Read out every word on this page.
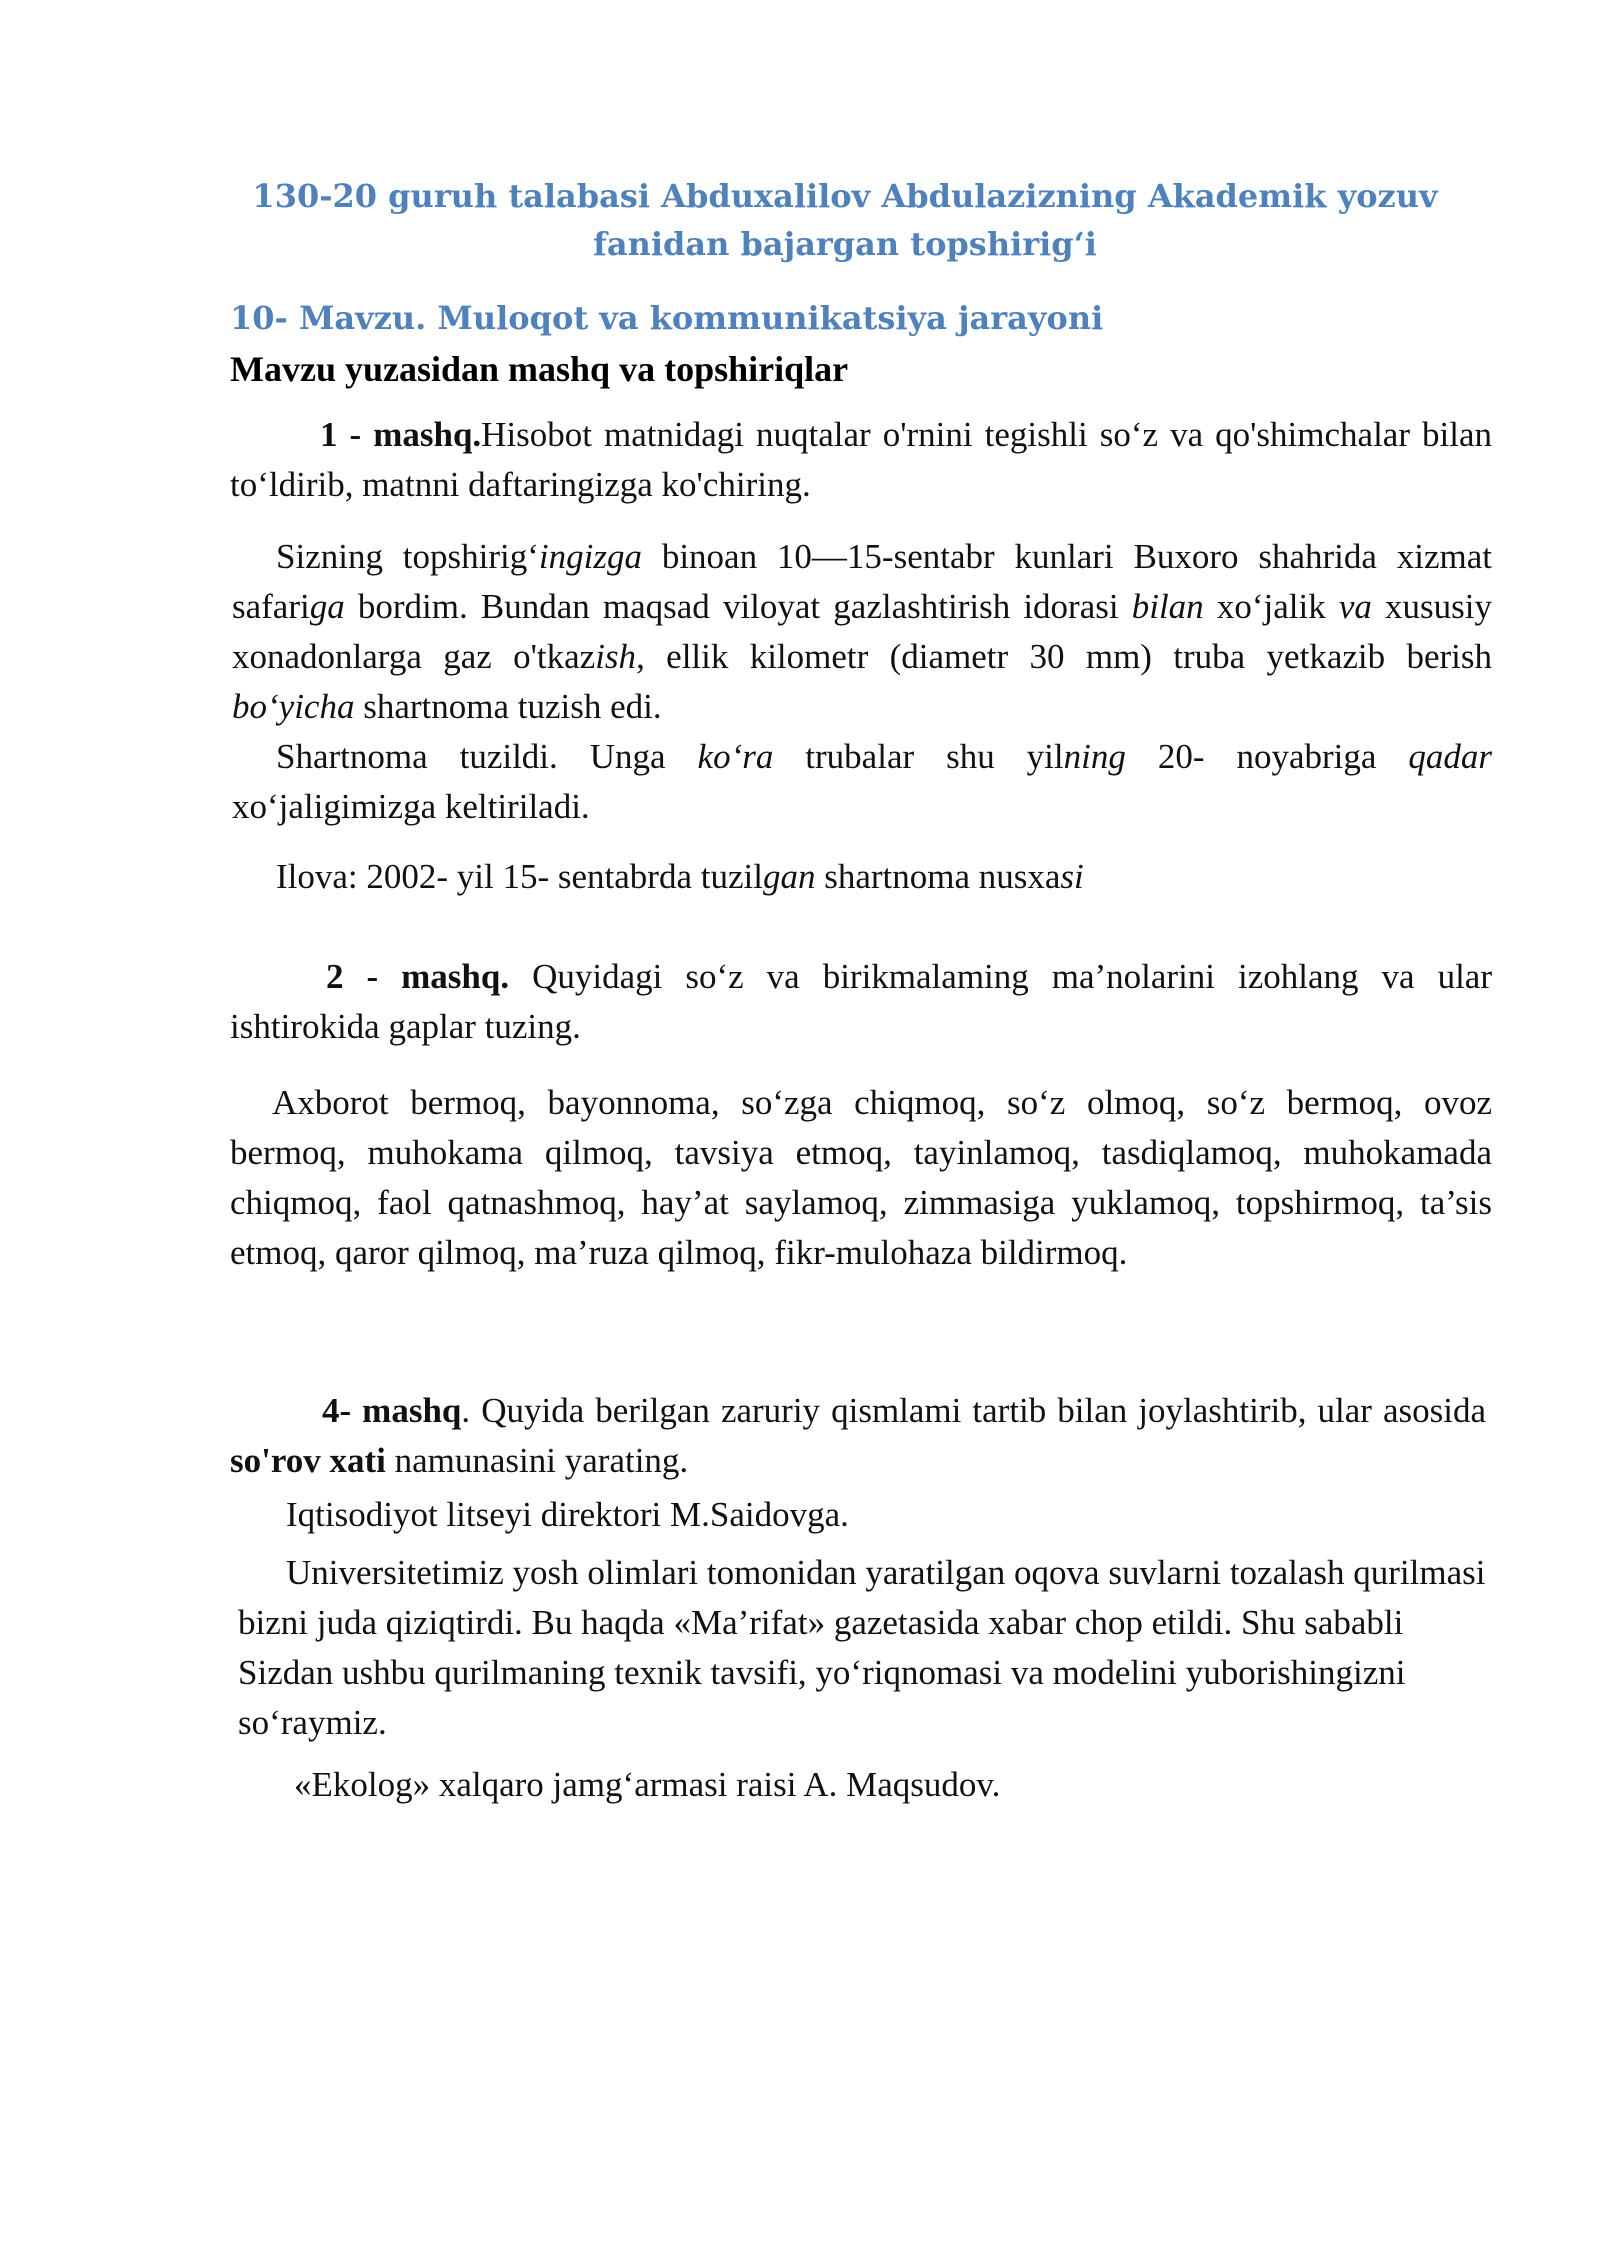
130-20 guruh talabasi Abduxalilov Abdulazizning Akademik yozuv fanidan bajargan topshirig‘i
10- Mavzu. Muloqot va kommunikatsiya jarayoni
Mavzu yuzasidan mashq va topshiriqlar
1 - mashq.Hisobot matnidagi nuqtalar o'rnini tegishli so‘z va qo'shimchalar bilan to‘ldirib, matnni daftaringizga ko'chiring.
Sizning topshirig‘ingizga binoan 10—15-sentabr kunlari Buxoro shahrida xizmat safariga bordim. Bundan maqsad viloyat gazlashtirish idorasi bilan xo‘jalik va xususiy xonadonlarga gaz o'tkazish, ellik kilometr (diametr 30 mm) truba yetkazib berish bo‘yicha shartnoma tuzish edi.
Shartnoma tuzildi. Unga ko‘ra trubalar shu yilning 20- noyabriga qadar xo‘jaligimizga keltiriladi.
Ilova: 2002- yil 15- sentabrda tuzilgan shartnoma nusxasi
2 - mashq. Quyidagi so‘z va birikmalaming ma’nolarini izohlang va ular ishtirokida gaplar tuzing.
Axborot bermoq, bayonnoma, so‘zga chiqmoq, so‘z olmoq, so‘z bermoq, ovoz bermoq, muhokama qilmoq, tavsiya etmoq, tayinlamoq, tasdiqlamoq, muhokamada chiqmoq, faol qatnashmoq, hay’at saylamoq, zimmasiga yuklamoq, topshirmoq, ta’sis etmoq, qaror qilmoq, ma’ruza qilmoq, fikr-mulohaza bildirmoq.
4- mashq. Quyida berilgan zaruriy qismlami tartib bilan joylashtirib, ular asosida so'rov xati namunasini yarating.
Iqtisodiyot litseyi direktori M.Saidovga.
Universitetimiz yosh olimlari tomonidan yaratilgan oqova suvlarni tozalash qurilmasi bizni juda qiziqtirdi. Bu haqda «Ma’rifat» gazetasida xabar chop etildi. Shu sababli Sizdan ushbu qurilmaning texnik tavsifi, yo‘riqnomasi va modelini yuborishingizni so‘raymiz.
«Ekolog» xalqaro jamg‘armasi raisi A. Maqsudov.
